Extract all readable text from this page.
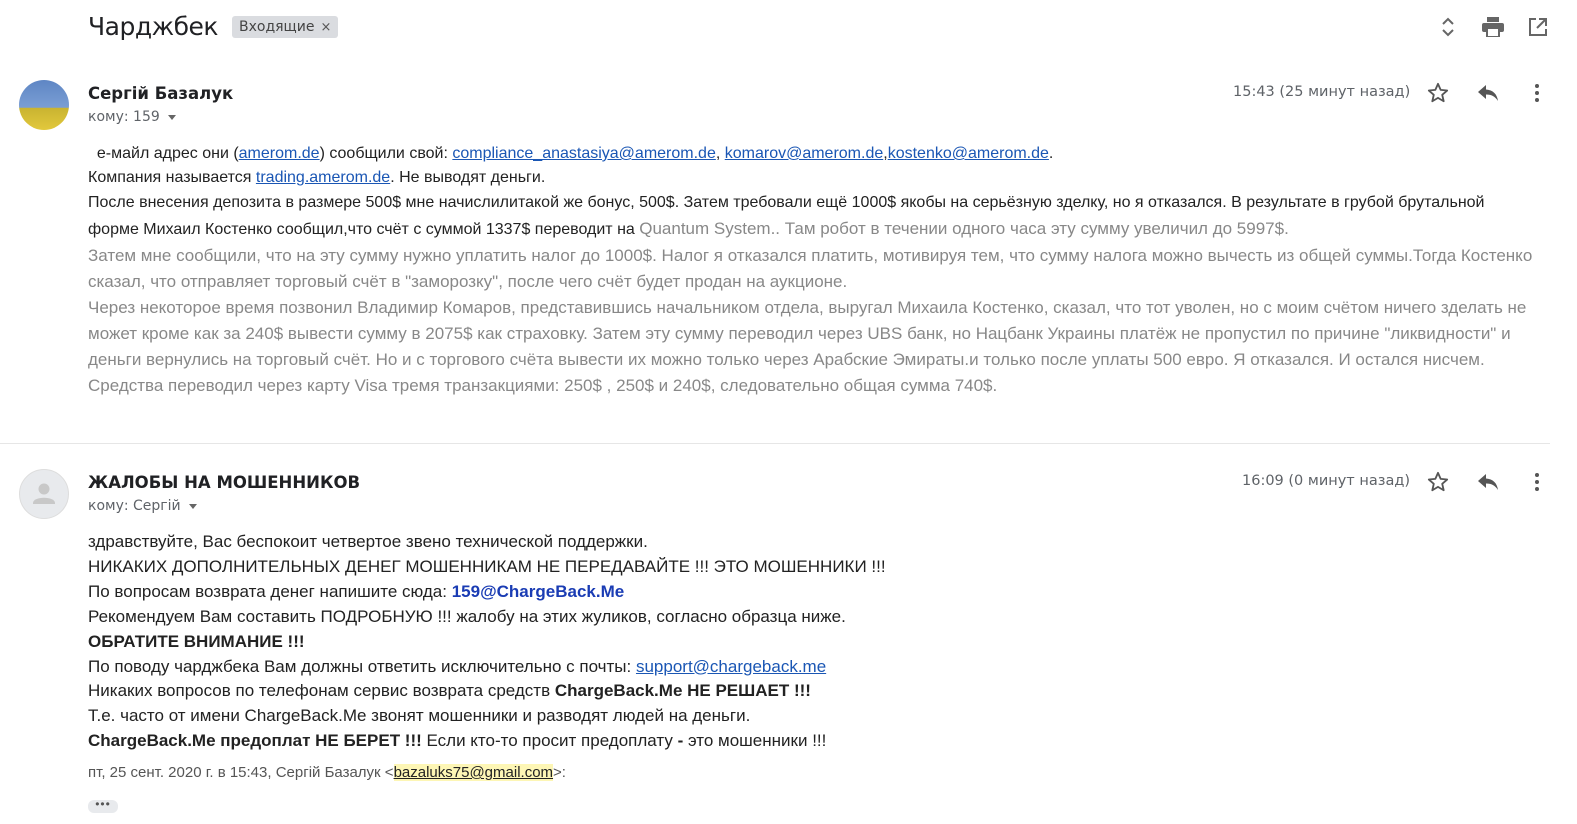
Чарджбек	Входящие ×
Сергій Базалук
кому: 159
15:43 (25 минут назад)
е-майл адрес они (amerom.de) сообщили свой: compliance_anastasiya@amerom.de, komarov@amerom.de,kostenko@amerom.de.
Компания называется trading.amerom.de. Не выводят деньги.
После внесения депозита в размере 500$ мне начислилитакой же бонус, 500$. Затем требовали ещё 1000$ якобы на серьёзную зделку, но я отказался. В результате в грубой брутальной форме Михаил Костенко сообщил,что счёт с суммой 1337$ переводит на Quantum System.. Там робот в течении одного часа эту сумму увеличил до 5997$.
Затем мне сообщили, что на эту сумму нужно уплатить налог до 1000$. Налог я отказался платить, мотивируя тем, что сумму налога можно вычесть из общей суммы.Тогда Костенко сказал, что отправляет торговый счёт в "заморозку", после чего счёт будет продан на аукционе.
Через некоторое время позвонил Владимир Комаров, представившись начальником отдела, выругал Михаила Костенко, сказал, что тот уволен, но с моим счётом ничего зделать не может кроме как за 240$ вывести сумму в 2075$ как страховку. Затем эту сумму переводил через UBS банк, но Нацбанк Украины платёж не пропустил по причине "ликвидности" и деньги вернулись на торговый счёт. Но и с торгового счёта вывести их можно только через Арабские Эмираты.и только после уплаты 500 евро. Я отказался. И остался нисчем.
Средства переводил через карту Visa тремя транзакциями: 250$ , 250$ и 240$, следовательно общая сумма 740$.
ЖАЛОБЫ НА МОШЕННИКОВ
кому: Сергій
16:09 (0 минут назад)
здравствуйте, Вас беспокоит четвертое звено технической поддержки.
НИКАКИХ ДОПОЛНИТЕЛЬНЫХ ДЕНЕГ МОШЕННИКАМ НЕ ПЕРЕДАВАЙТЕ !!! ЭТО МОШЕННИКИ !!!
По вопросам возврата денег напишите сюда: 159@ChargeBack.Me
Рекомендуем Вам составить ПОДРОБНУЮ !!! жалобу на этих жуликов, согласно образца ниже.
ОБРАТИТЕ ВНИМАНИЕ !!!
По поводу чарджбека Вам должны ответить исключительно с почты: support@chargeback.me
Никаких вопросов по телефонам сервис возврата средств ChargeBack.Me НЕ РЕШАЕТ !!!
Т.е. часто от имени ChargeBack.Me звонят мошенники и разводят людей на деньги.
ChargeBack.Me предоплат НЕ БЕРЕТ !!! Если кто-то просит предоплату - это мошенники !!!
пт, 25 сент. 2020 г. в 15:43, Сергій Базалук <bazaluks75@gmail.com>:
•••
